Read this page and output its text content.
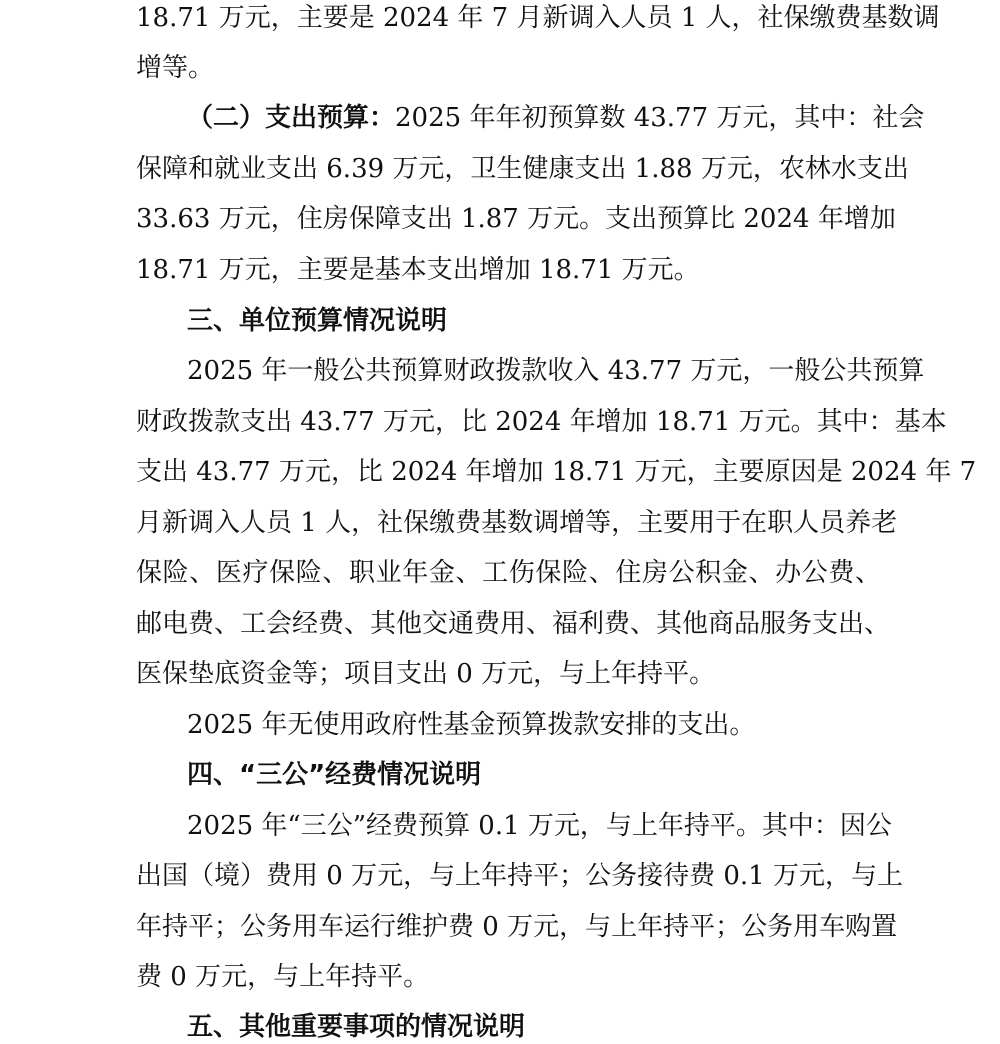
18.71 万元，主要是 2024 年 7 月新调入人员 1 人，社保缴费基数调
增等。
（二）支出预算：2025 年年初预算数 43.77 万元，其中：社会
保障和就业支出 6.39 万元，卫生健康支出 1.88 万元，农林水支出
33.63 万元，住房保障支出 1.87 万元。支出预算比 2024 年增加
18.71 万元，主要是基本支出增加 18.71 万元。
三、单位预算情况说明
2025 年一般公共预算财政拨款收入 43.77 万元，一般公共预算
财政拨款支出 43.77 万元，比 2024 年增加 18.71 万元。其中：基本
支出 43.77 万元，比 2024 年增加 18.71 万元，主要原因是 2024 年 7
月新调入人员 1 人，社保缴费基数调增等，主要用于在职人员养老
保险、医疗保险、职业年金、工伤保险、住房公积金、办公费、
邮电费、工会经费、其他交通费用、福利费、其他商品服务支出、
医保垫底资金等；项目支出 0 万元，与上年持平。
2025 年无使用政府性基金预算拨款安排的支出。
四、“三公”经费情况说明
2025 年“三公”经费预算 0.1 万元，与上年持平。其中：因公
出国（境）费用 0 万元，与上年持平；公务接待费 0.1 万元，与上
年持平；公务用车运行维护费 0 万元，与上年持平；公务用车购置
费 0 万元，与上年持平。
五、其他重要事项的情况说明
